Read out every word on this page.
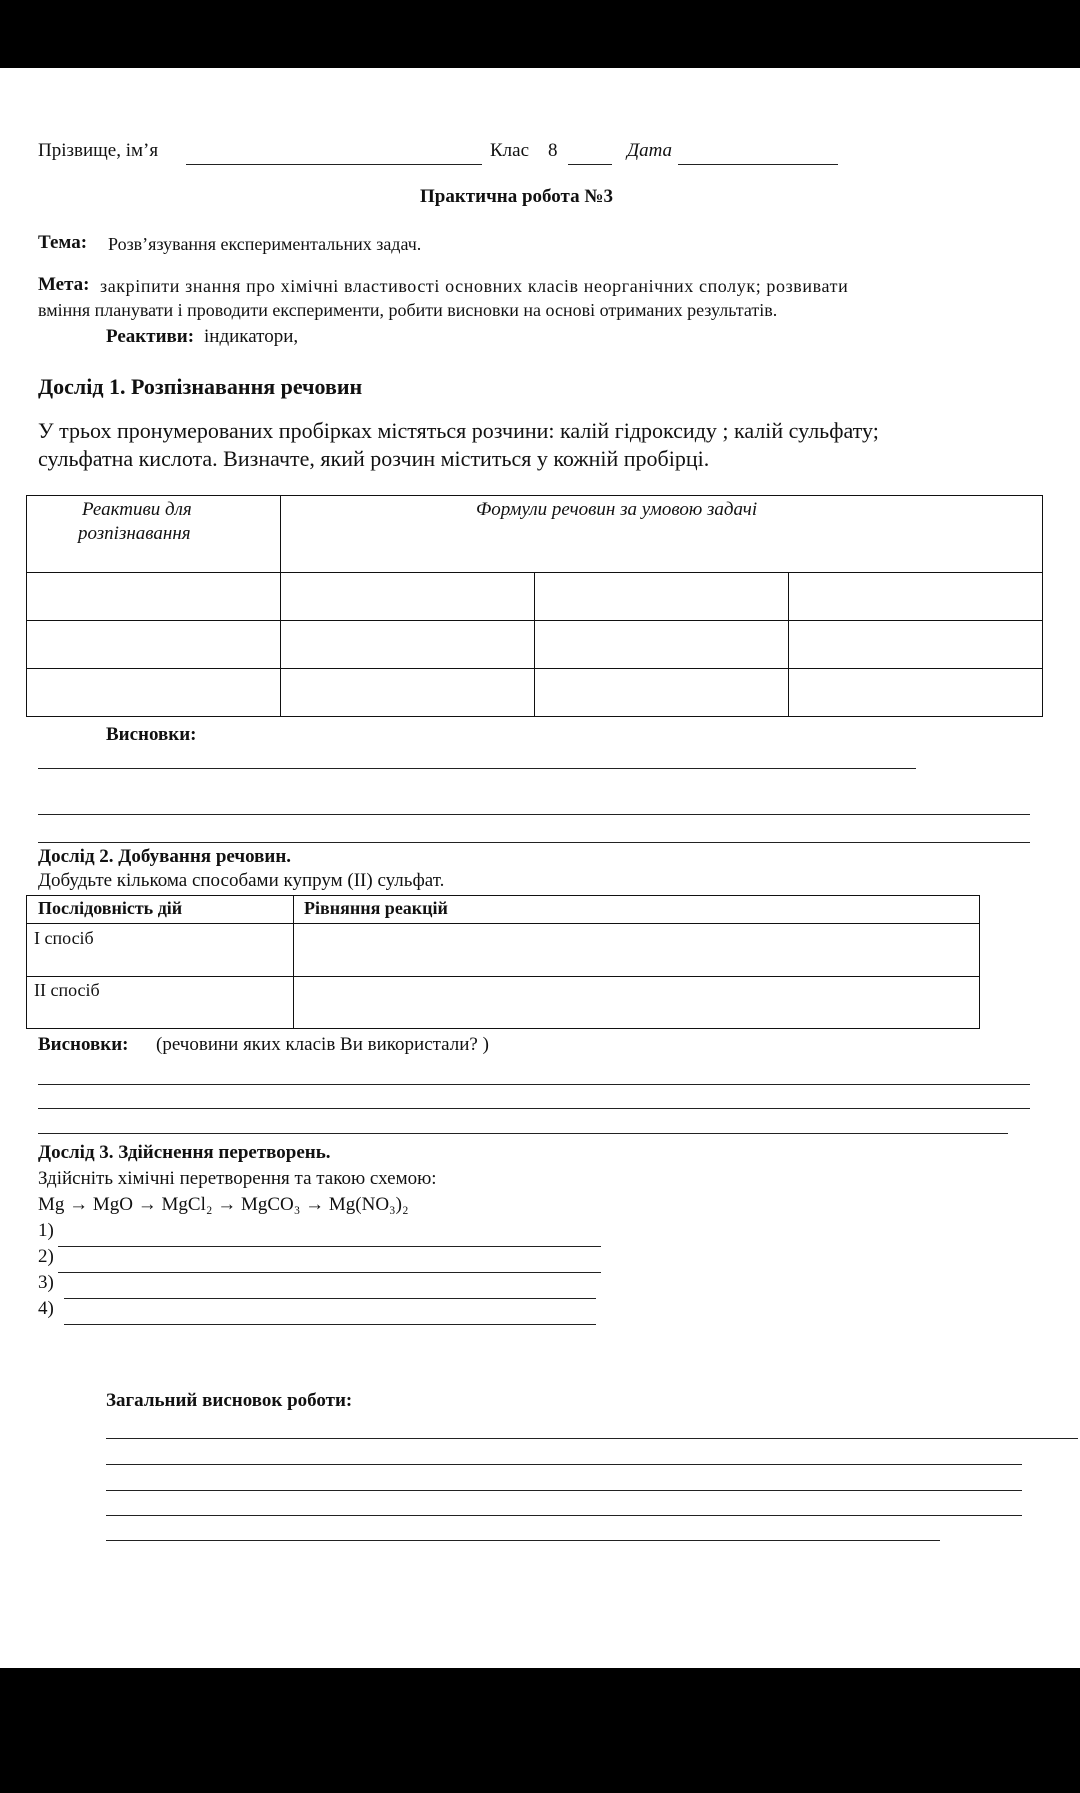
Прізвище, ім’я	Клас 8	Дата
Практична робота №3
Тема: Розв’язування експериментальних задач.
Мета: закріпити знання про хімічні властивості основних класів неорганічних сполук; розвивати
вміння планувати і проводити експерименти, робити висновки на основі отриманих результатів.
Реактиви: індикатори,
Дослід 1. Розпізнавання речовин
У трьох пронумерованих пробірках містяться розчини: калій гідроксиду ; калій сульфату;
сульфатна кислота. Визначте, який розчин міститься у кожній пробірці.
Реактиви для
розпізнавання
Формули речовин за умовою задачі
Висновки:
Дослід 2. Добування речовин.
Добудьте кількома способами купрум (ІІ) сульфат.
Послідовність дій	Рівняння реакцій
І спосіб
ІІ спосіб
Висновки: (речовини яких класів Ви використали? )
Дослід 3. Здійснення перетворень.
Здійсніть хімічні перетворення та такою схемою:
Mg → MgO → MgCl₂ → MgCO₃ → Mg(NO₃)₂
1)
2)
3)
4)
Загальний висновок роботи:
